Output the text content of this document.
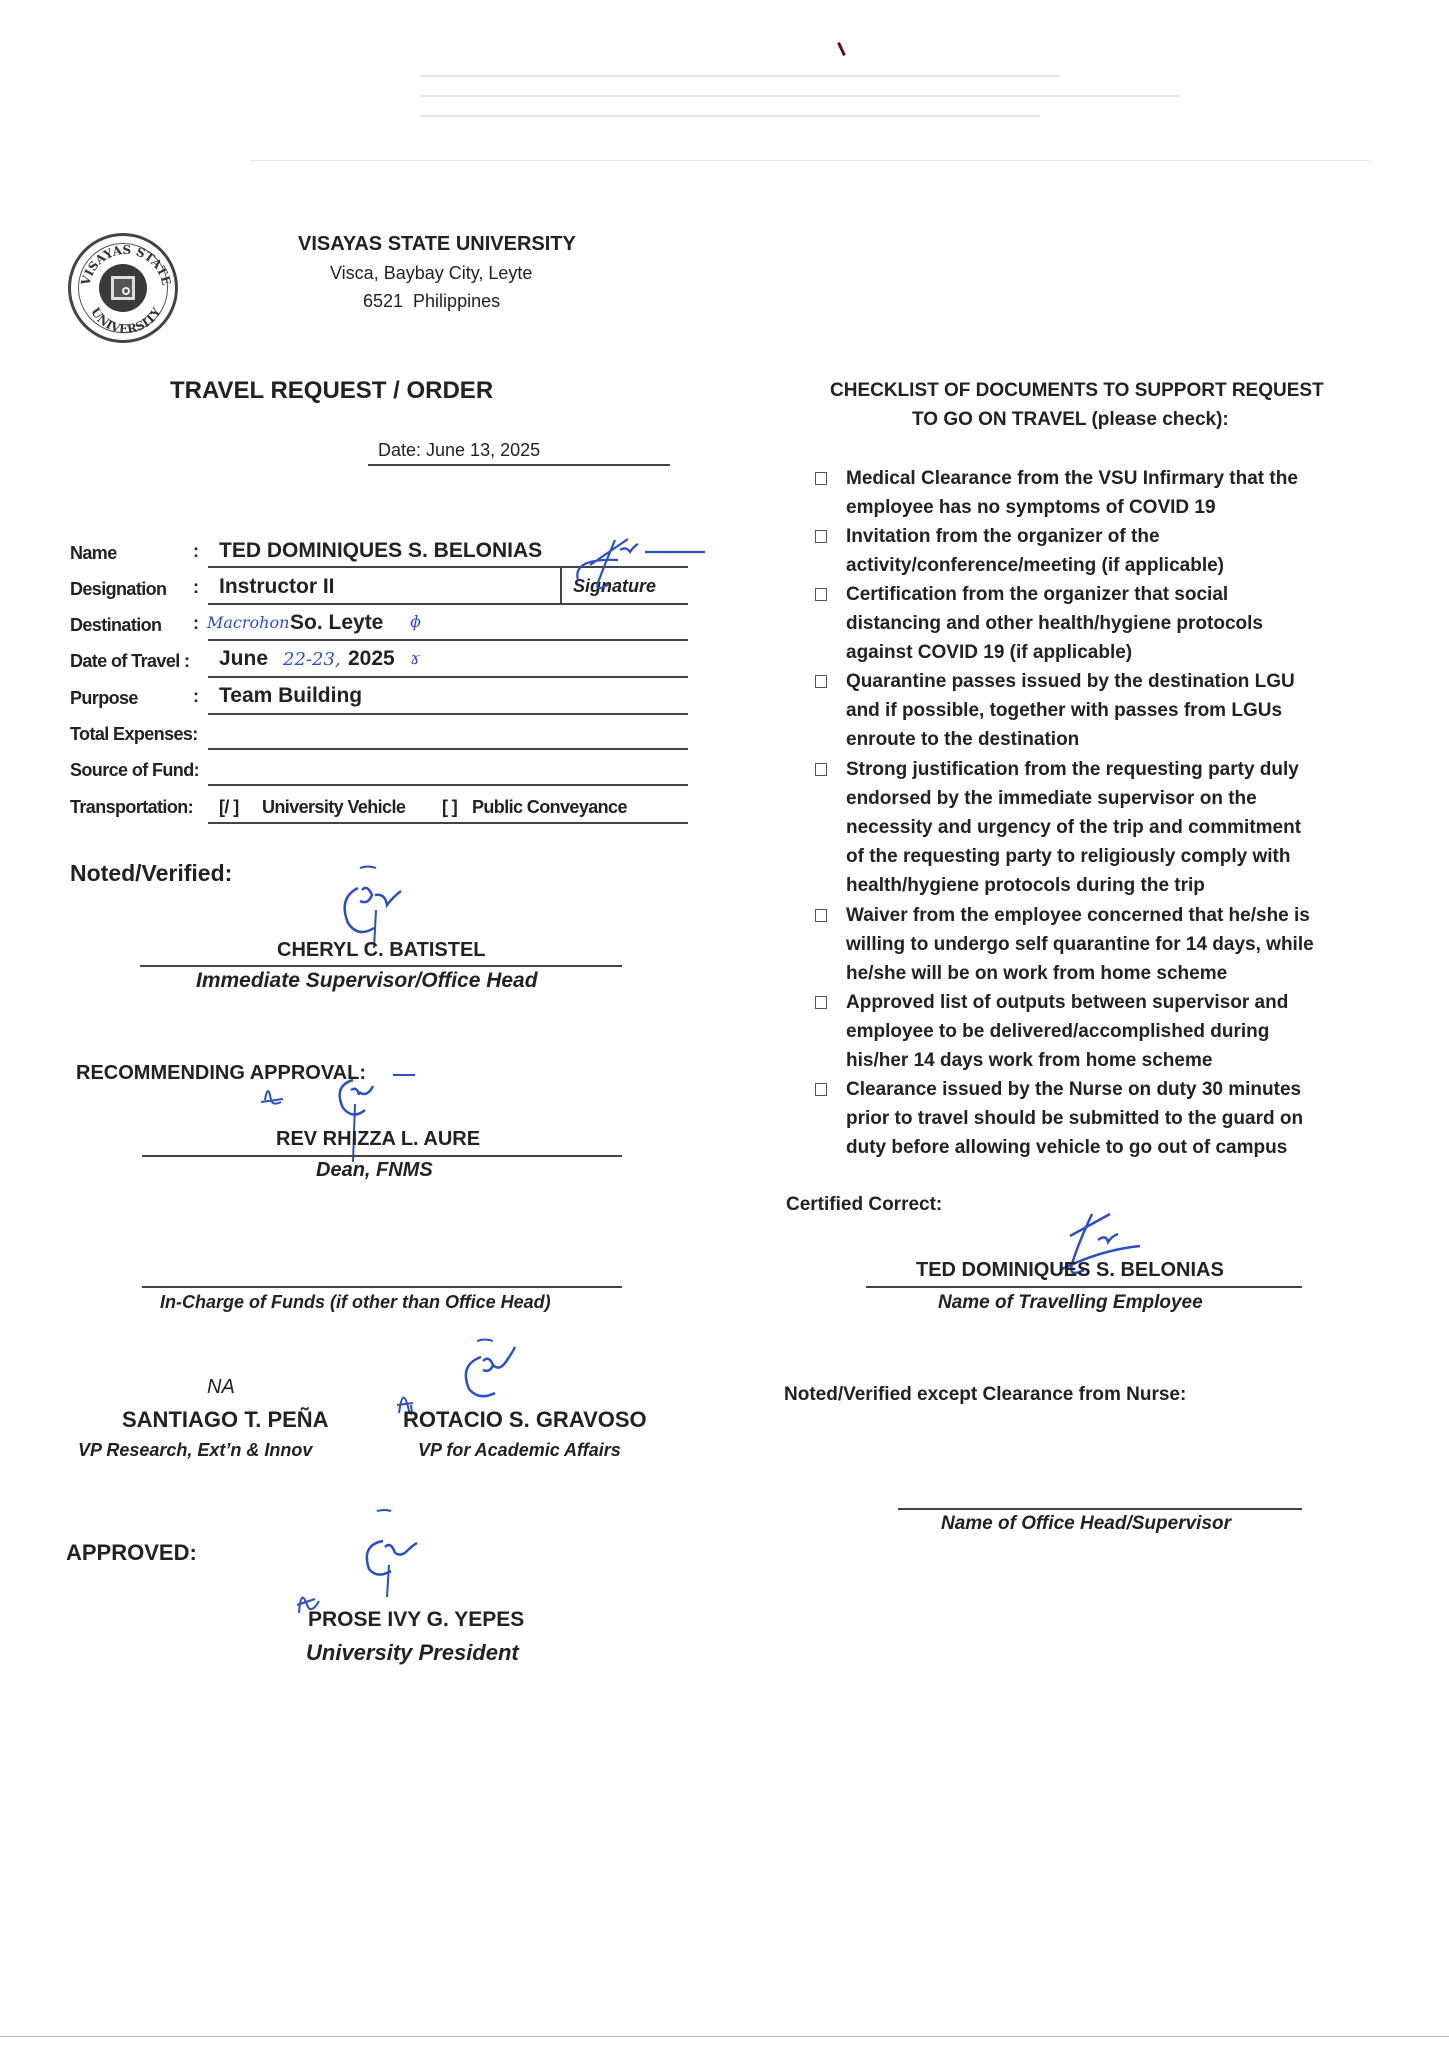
VISAYAS STATE
UNIVERSITY
VISAYAS STATE UNIVERSITY
Visca, Baybay City, Leyte
6521  Philippines
TRAVEL REQUEST / ORDER
Date: June 13, 2025
Name	: TED DOMINIQUES S. BELONIAS
Designation : Instructor II	Signature
Destination : Macrohon So. Leyte ɸ
Date of Travel : June 22-23, 2025 ɤ
Purpose	: Team Building
Total Expenses:
Source of Fund:
Transportation: [/ ] University Vehicle [ ] Public Conveyance
Noted/Verified:
CHERYL C. BATISTEL
Immediate Supervisor/Office Head
RECOMMENDING APPROVAL:
REV RHIZZA L. AURE
Dean, FNMS
In-Charge of Funds (if other than Office Head)
NA
SANTIAGO T. PEÑA
VP Research, Ext’n & Innov
ROTACIO S. GRAVOSO
VP for Academic Affairs
APPROVED:
PROSE IVY G. YEPES
University President
CHECKLIST OF DOCUMENTS TO SUPPORT REQUEST
TO GO ON TRAVEL (please check):
Medical Clearance from the VSU Infirmary that the
employee has no symptoms of COVID 19
Invitation from the organizer of the
activity/conference/meeting (if applicable)
Certification from the organizer that social
distancing and other health/hygiene protocols
against COVID 19 (if applicable)
Quarantine passes issued by the destination LGU
and if possible, together with passes from LGUs
enroute to the destination
Strong justification from the requesting party duly
endorsed by the immediate supervisor on the
necessity and urgency of the trip and commitment
of the requesting party to religiously comply with
health/hygiene protocols during the trip
Waiver from the employee concerned that he/she is
willing to undergo self quarantine for 14 days, while
he/she will be on work from home scheme
Approved list of outputs between supervisor and
employee to be delivered/accomplished during
his/her 14 days work from home scheme
Clearance issued by the Nurse on duty 30 minutes
prior to travel should be submitted to the guard on
duty before allowing vehicle to go out of campus
Certified Correct:
TED DOMINIQUES S. BELONIAS
Name of Travelling Employee
Noted/Verified except Clearance from Nurse:
Name of Office Head/Supervisor
